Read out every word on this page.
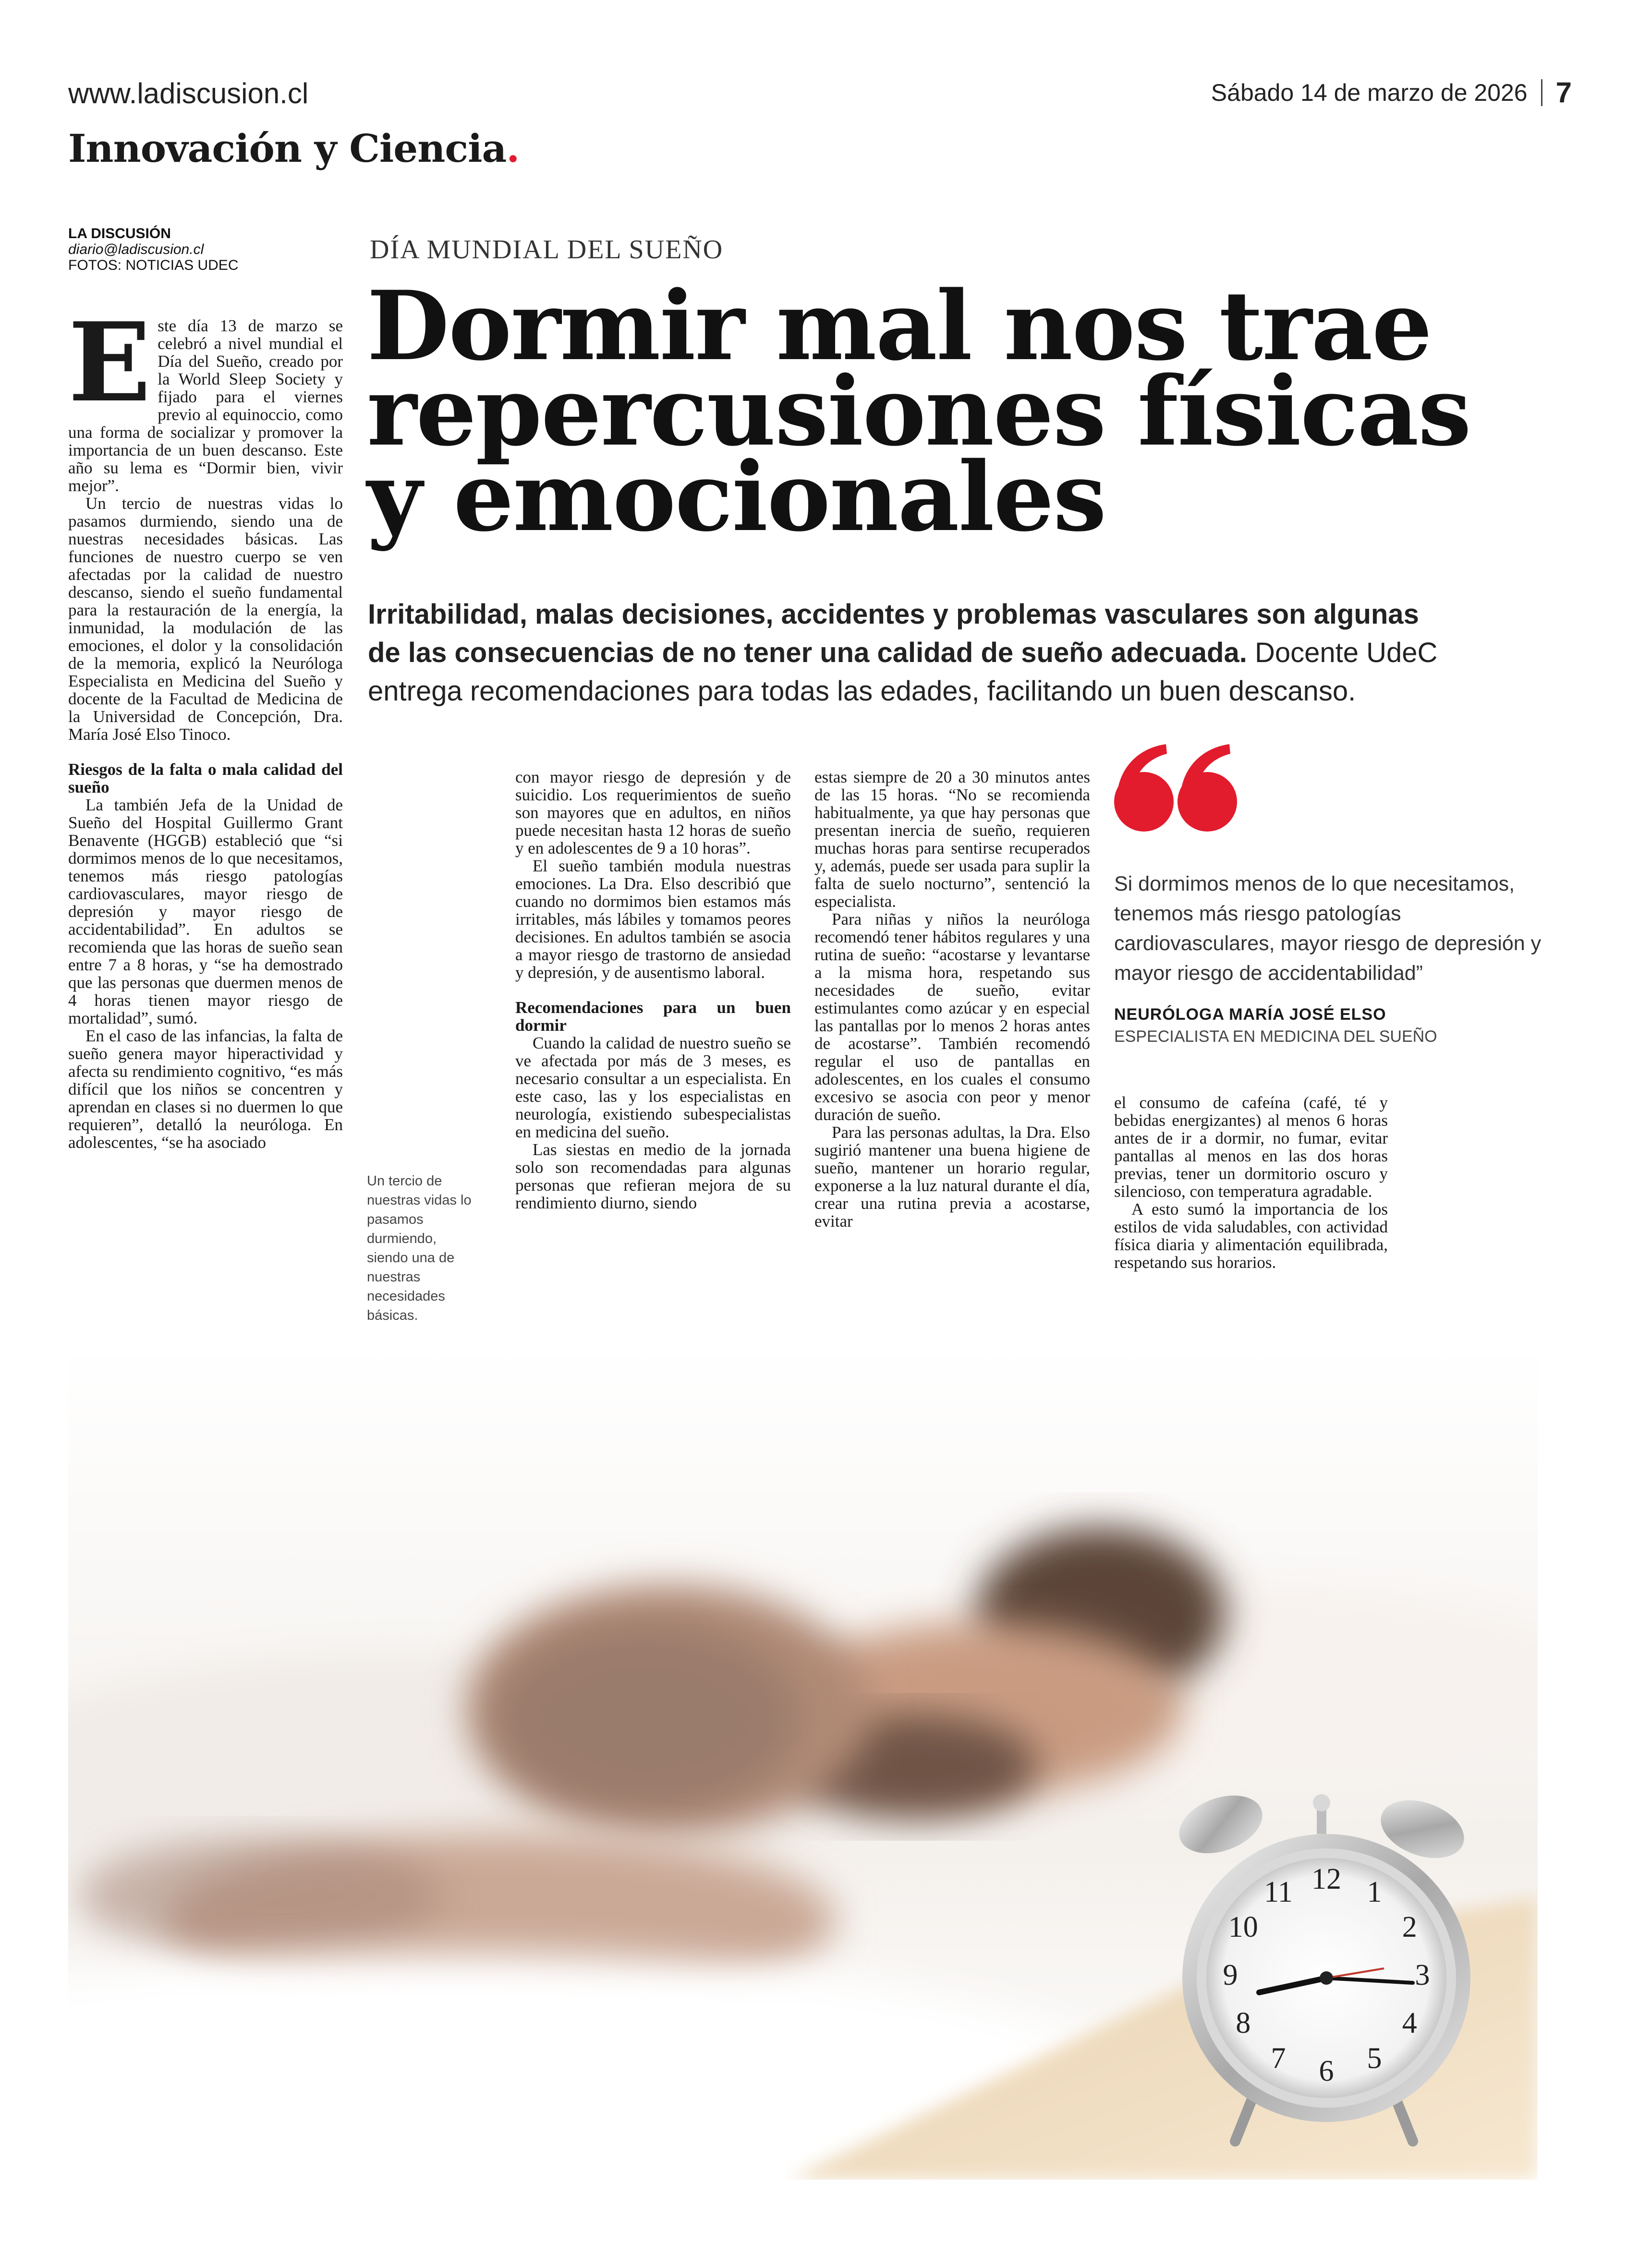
www.ladiscusion.cl	Sábado 14 de marzo de 2026 7
Innovación y Ciencia.
LA DISCUSIÓN
diario@ladiscusion.cl
FOTOS: NOTICIAS UDEC
DÍA MUNDIAL DEL SUEÑO
Dormir mal nos trae
repercusiones físicas
y emocionales
Irritabilidad, malas decisiones, accidentes y problemas vasculares son algunas de las consecuencias de no tener una calidad de sueño adecuada. Docente UdeC entrega recomendaciones para todas las edades, facilitando un buen descanso.
E ste día 13 de marzo se celebró a nivel mundial el Día del Sueño, creado por la World Sleep Society y fijado para el viernes previo al equinoccio, como una forma de socializar y promover la importancia de un buen descanso. Este año su lema es “Dormir bien, vivir mejor”.

Un tercio de nuestras vidas lo pasamos durmiendo, siendo una de nuestras necesidades básicas. Las funciones de nuestro cuerpo se ven afectadas por la calidad de nuestro descanso, siendo el sueño fundamental para la restauración de la energía, la inmunidad, la modulación de las emociones, el dolor y la consolidación de la memoria, explicó la Neuróloga Especialista en Medicina del Sueño y docente de la Facultad de Medicina de la Universidad de Concepción, Dra. María José Elso Tinoco.

Riesgos de la falta o mala calidad del sueño

La también Jefa de la Unidad de Sueño del Hospital Guillermo Grant Benavente (HGGB) estableció que “si dormimos menos de lo que necesitamos, tenemos más riesgo patologías cardiovasculares, mayor riesgo de depresión y mayor riesgo de accidentabilidad”. En adultos se recomienda que las horas de sueño sean entre 7 a 8 horas, y “se ha demostrado que las personas que duermen menos de 4 horas tienen mayor riesgo de mortalidad”, sumó.

En el caso de las infancias, la falta de sueño genera mayor hiperactividad y afecta su rendimiento cognitivo, “es más difícil que los niños se concentren y aprendan en clases si no duermen lo que requieren”, detalló la neuróloga. En adolescentes, “se ha asociado

Un tercio de nuestras vidas lo pasamos durmiendo, siendo una de nuestras necesidades básicas.

con mayor riesgo de depresión y de suicidio. Los requerimientos de sueño son mayores que en adultos, en niños puede necesitan hasta 12 horas de sueño y en adolescentes de 9 a 10 horas”.

El sueño también modula nuestras emociones. La Dra. Elso describió que cuando no dormimos bien estamos más irritables, más lábiles y tomamos peores decisiones. En adultos también se asocia a mayor riesgo de trastorno de ansiedad y depresión, y de ausentismo laboral.

Recomendaciones para un buen dormir

Cuando la calidad de nuestro sueño se ve afectada por más de 3 meses, es necesario consultar a un especialista. En este caso, las y los especialistas en neurología, existiendo subespecialistas en medicina del sueño.

Las siestas en medio de la jornada solo son recomendadas para algunas personas que refieran mejora de su rendimiento diurno, siendo

estas siempre de 20 a 30 minutos antes de las 15 horas. “No se recomienda habitualmente, ya que hay personas que presentan inercia de sueño, requieren muchas horas para sentirse recuperados y, además, puede ser usada para suplir la falta de suelo nocturno”, sentenció la especialista.

Para niñas y niños la neuróloga recomendó tener hábitos regulares y una rutina de sueño: “acostarse y levantarse a la misma hora, respetando sus necesidades de sueño, evitar estimulantes como azúcar y en especial las pantallas por lo menos 2 horas antes de acostarse”. También recomendó regular el uso de pantallas en adolescentes, en los cuales el consumo excesivo se asocia con peor y menor duración de sueño.

Para las personas adultas, la Dra. Elso sugirió mantener una buena higiene de sueño, mantener un horario regular, exponerse a la luz natural durante el día, crear una rutina previa a acostarse, evitar

Si dormimos menos de lo que necesitamos, tenemos más riesgo patologías cardiovasculares, mayor riesgo de depresión y mayor riesgo de accidentabilidad”
NEURÓLOGA MARÍA JOSÉ ELSO
ESPECIALISTA EN MEDICINA DEL SUEÑO

el consumo de cafeína (café, té y bebidas energizantes) al menos 6 horas antes de ir a dormir, no fumar, evitar pantallas al menos en las dos horas previas, tener un dormitorio oscuro y silencioso, con temperatura agradable.

A esto sumó la importancia de los estilos de vida saludables, con actividad física diaria y alimentación equilibrada, respetando sus horarios.

12 1
2
3
4
5
6
7
8
9
10
11
